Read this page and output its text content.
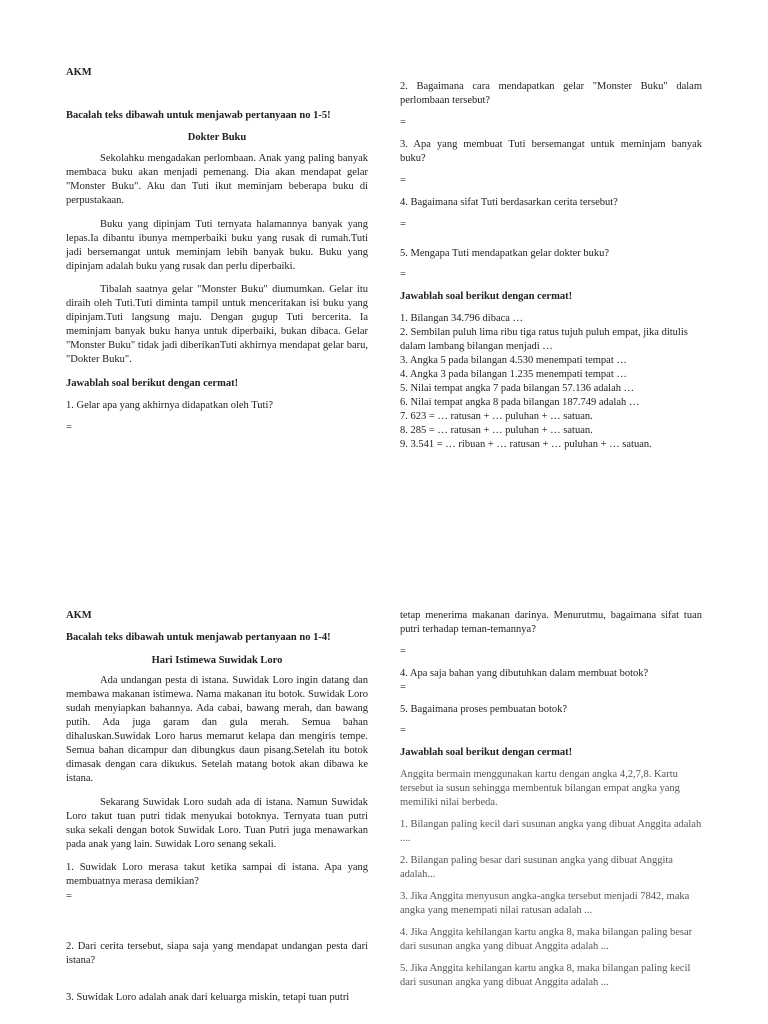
AKM
Bacalah teks dibawah untuk menjawab pertanyaan no 1-5!
Dokter Buku
Sekolahku mengadakan perlombaan. Anak yang paling banyak membaca buku akan menjadi pemenang. Dia akan mendapat gelar "Monster Buku". Aku dan Tuti ikut meminjam beberapa buku di perpustakaan.
Buku yang dipinjam Tuti ternyata halamannya banyak yang lepas.Ia dibantu ibunya memperbaiki buku yang rusak di rumah.Tuti jadi bersemangat untuk meminjam lebih banyak buku. Buku yang dipinjam adalah buku yang rusak dan perlu diperbaiki.
Tibalah saatnya gelar "Monster Buku" diumumkan. Gelar itu diraih oleh Tuti.Tuti diminta tampil untuk menceritakan isi buku yang dipinjam.Tuti langsung maju. Dengan gugup Tuti bercerita. Ia meminjam banyak buku hanya untuk diperbaiki, bukan dibaca. Gelar "Monster Buku" tidak jadi diberikanTuti akhirnya mendapat gelar baru, "Dokter Buku".
Jawablah soal berikut dengan cermat!
1. Gelar apa yang akhirnya didapatkan oleh Tuti?
=
2. Bagaimana cara mendapatkan gelar "Monster Buku" dalam perlombaan tersebut?
=
3. Apa yang membuat Tuti bersemangat untuk meminjam banyak buku?
=
4. Bagaimana sifat Tuti berdasarkan cerita tersebut?
=
5. Mengapa Tuti mendapatkan gelar dokter buku?
=
Jawablah soal berikut dengan cermat!
1. Bilangan 34.796 dibaca …
2. Sembilan puluh lima ribu tiga ratus tujuh puluh empat, jika ditulis dalam lambang bilangan menjadi …
3. Angka 5 pada bilangan 4.530 menempati tempat …
4. Angka 3 pada bilangan 1.235 menempati tempat …
5. Nilai tempat angka 7 pada bilangan 57.136 adalah …
6. Nilai tempat angka 8 pada bilangan 187.749 adalah …
7. 623 = … ratusan + … puluhan + … satuan.
8. 285 = … ratusan + … puluhan + … satuan.
9. 3.541 = … ribuan + … ratusan + … puluhan + … satuan.
AKM
Bacalah teks dibawah untuk menjawab pertanyaan no 1-4!
Hari Istimewa Suwidak Loro
Ada undangan pesta di istana. Suwidak Loro ingin datang dan membawa makanan istimewa. Nama makanan itu botok. Suwidak Loro sudah menyiapkan bahannya. Ada cabai, bawang merah, dan bawang putih. Ada juga garam dan gula merah. Semua bahan dihaluskan.Suwidak Loro harus memarut kelapa dan mengiris tempe. Semua bahan dicampur dan dibungkus daun pisang.Setelah itu botok dimasak dengan cara dikukus. Setelah matang botok akan dibawa ke istana.
Sekarang Suwidak Loro sudah ada di istana. Namun Suwidak Loro takut tuan putri tidak menyukai botoknya. Ternyata tuan putri suka sekali dengan botok Suwidak Loro. Tuan Putri juga menawarkan pada anak yang lain. Suwidak Loro senang sekali.
1. Suwidak Loro merasa takut ketika sampai di istana. Apa yang membuatnya merasa demikian?
=
2. Dari cerita tersebut, siapa saja yang mendapat undangan pesta dari istana?
3. Suwidak Loro adalah anak dari keluarga miskin, tetapi tuan putri
tetap menerima makanan darinya. Menurutmu, bagaimana sifat tuan putri terhadap teman-temannya?
=
4. Apa saja bahan yang dibutuhkan dalam membuat botok?
=
5. Bagaimana proses pembuatan botok?
=
Jawablah soal berikut dengan cermat!
Anggita bermain menggunakan kartu dengan angka 4,2,7,8. Kartu tersebut ia susun sehingga membentuk bilangan empat angka yang memiliki nilai berbeda.
1. Bilangan paling kecil dari susunan angka yang dibuat Anggita adalah ....
2. Bilangan paling besar dari susunan angka yang dibuat Anggita adalah...
3. Jika Anggita menyusun angka-angka tersebut menjadi 7842, maka angka yang menempati nilai ratusan adalah ...
4. Jika Anggita kehilangan kartu angka 8, maka bilangan paling besar dari susunan angka yang dibuat Anggita adalah ...
5. Jika Anggita kehilangan kartu angka 8, maka bilangan paling kecil dari susunan angka yang dibuat Anggita adalah ...
